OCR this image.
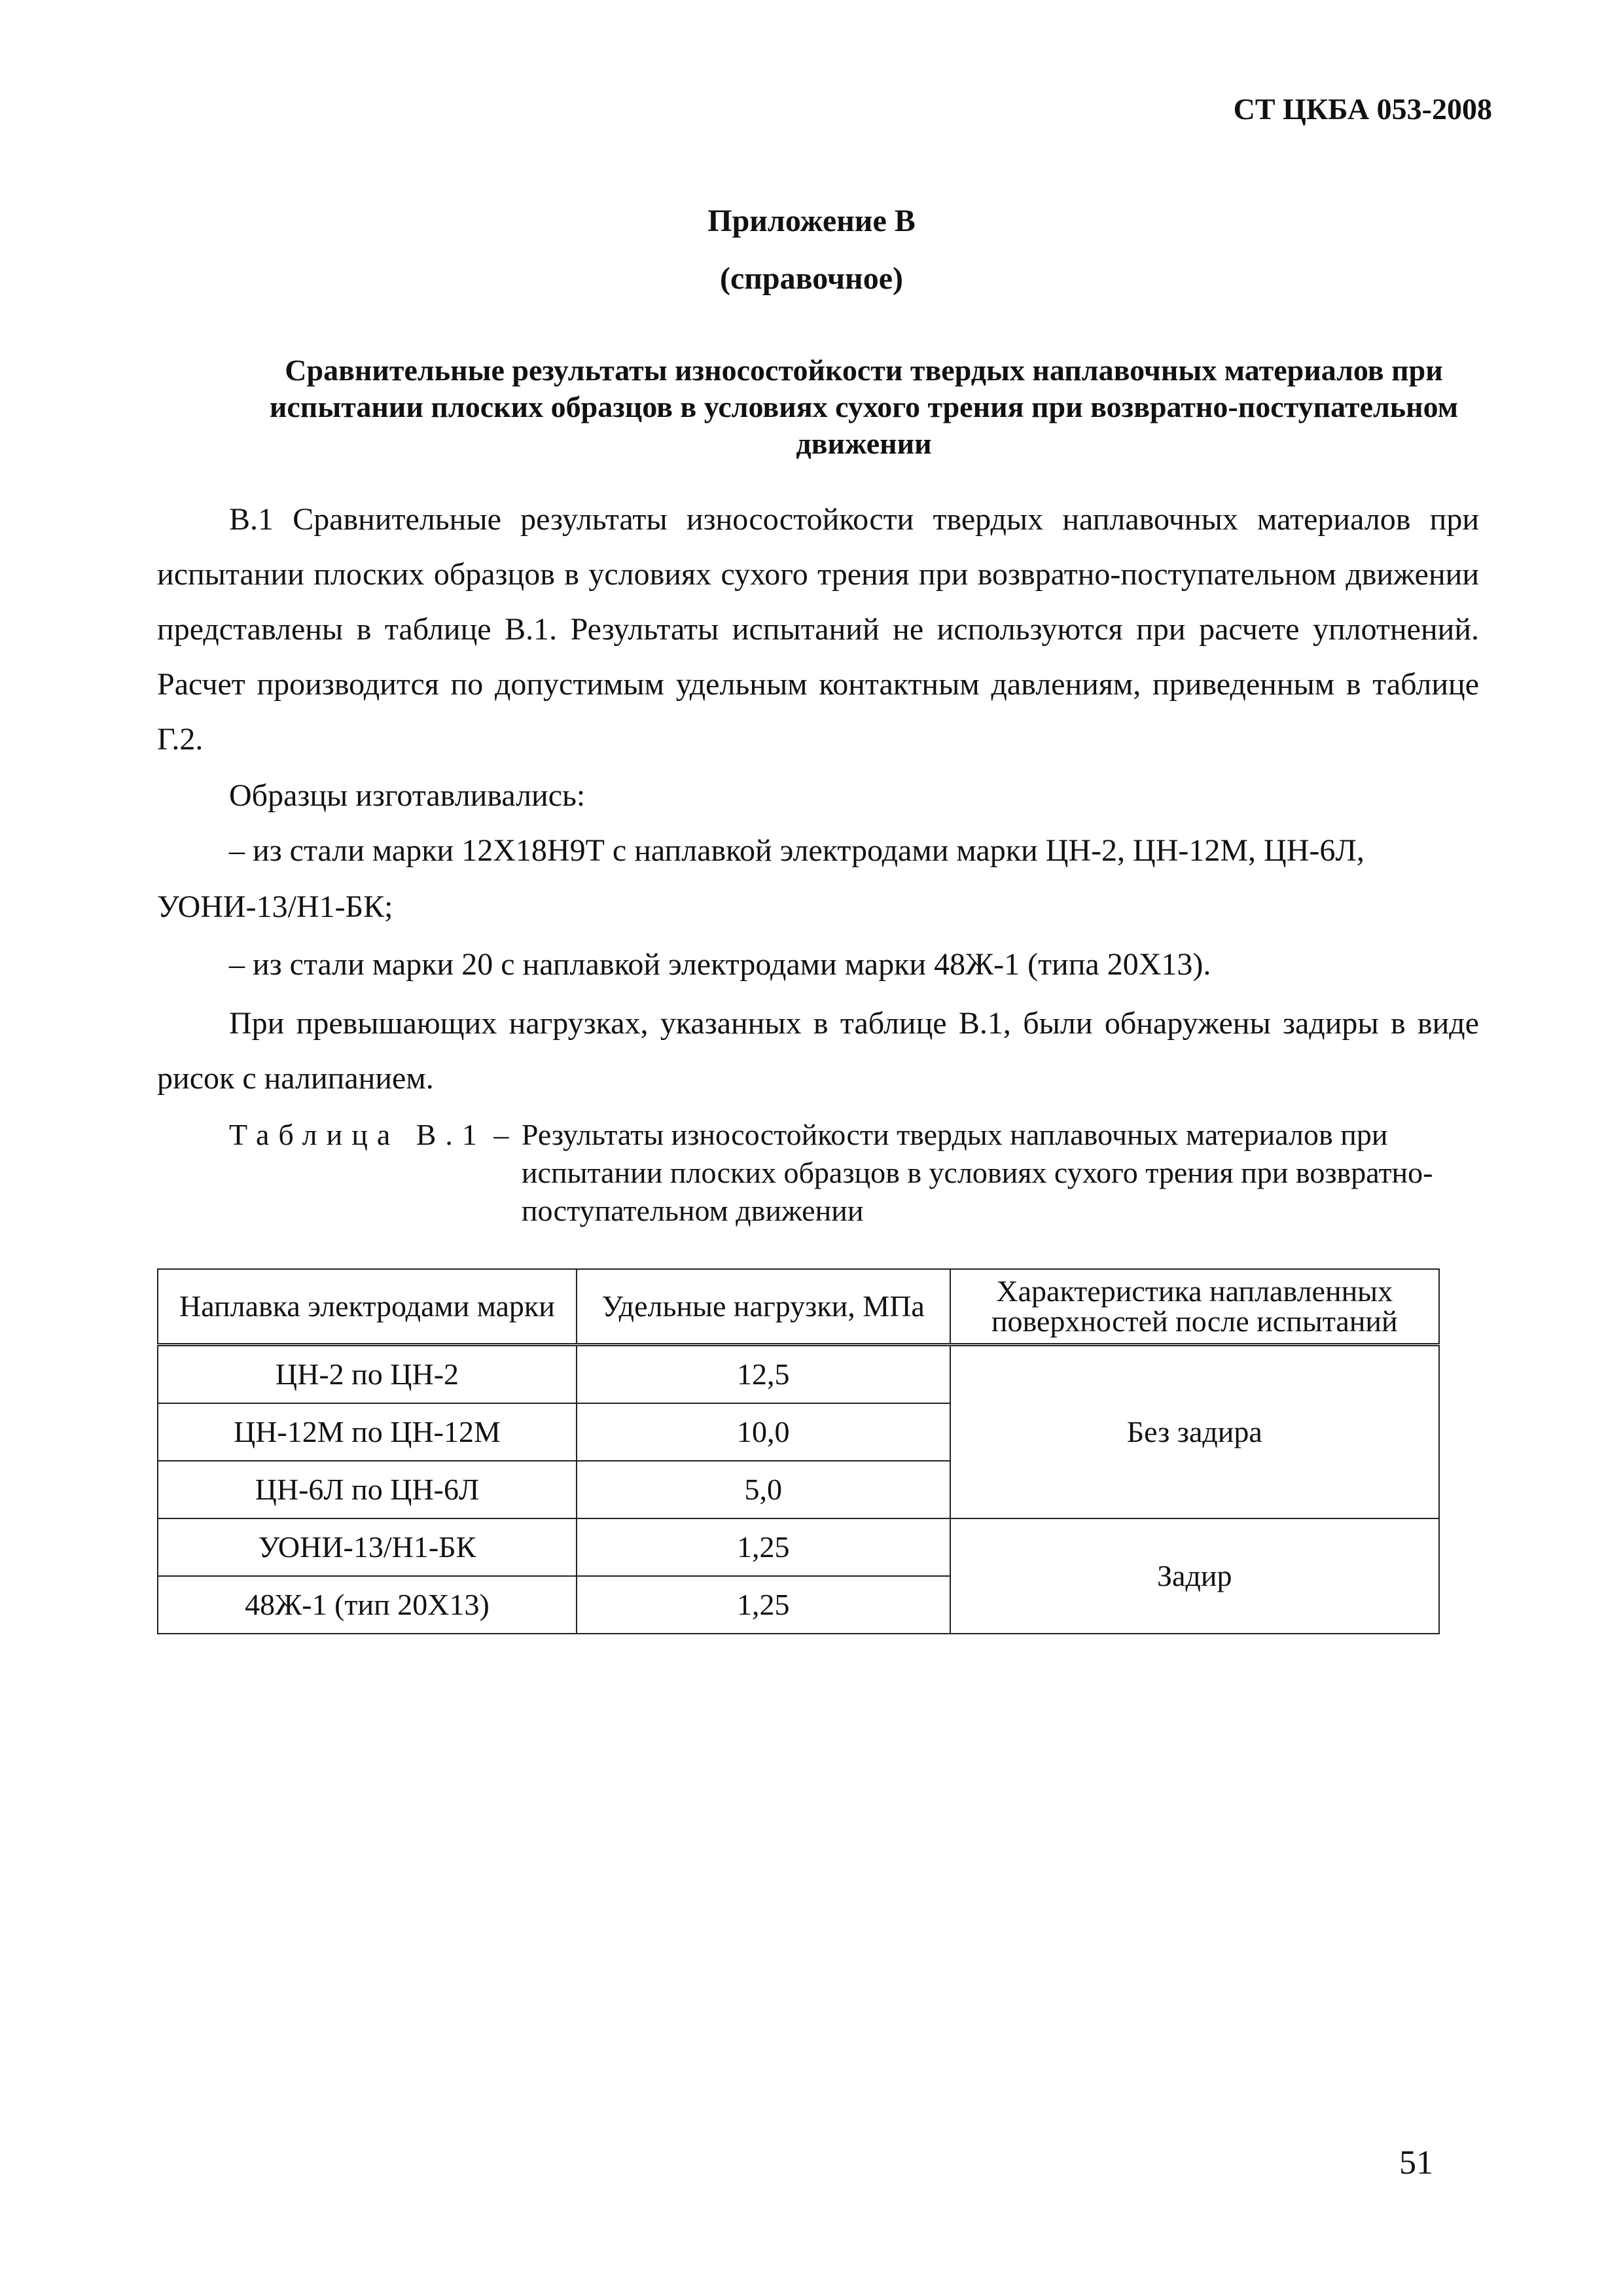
СТ ЦКБА 053-2008
Приложение В
(справочное)
Сравнительные результаты износостойкости твердых наплавочных материалов при испытании плоских образцов в условиях сухого трения при возвратно-поступательном движении
В.1 Сравнительные результаты износостойкости твердых наплавочных материалов при испытании плоских образцов в условиях сухого трения при возвратно-поступательном движении представлены в таблице В.1. Результаты испытаний не используются при расчете уплотнений. Расчет производится по допустимым удельным контактным давлениям, приведенным в таблице Г.2.
Образцы изготавливались:
– из стали марки 12Х18Н9Т с наплавкой электродами марки ЦН-2, ЦН-12М, ЦН-6Л,
УОНИ-13/Н1-БК;
– из стали марки 20 с наплавкой электродами марки 48Ж-1 (типа 20Х13).
При превышающих нагрузках, указанных в таблице В.1, были обнаружены задиры в виде рисок с налипанием.
Таблица В.1 – Результаты износостойкости твердых наплавочных материалов при испытании плоских образцов в условиях сухого трения при возвратно-поступательном движении
Наплавка электродами марки	Удельные нагрузки, МПа	Характеристика наплавленных поверхностей после испытаний
ЦН-2 по ЦН-2	12,5	Без задира
ЦН-12М по ЦН-12М	10,0	
ЦН-6Л по ЦН-6Л	5,0	
УОНИ-13/Н1-БК	1,25	Задир
48Ж-1 (тип 20Х13)	1,25	
51
